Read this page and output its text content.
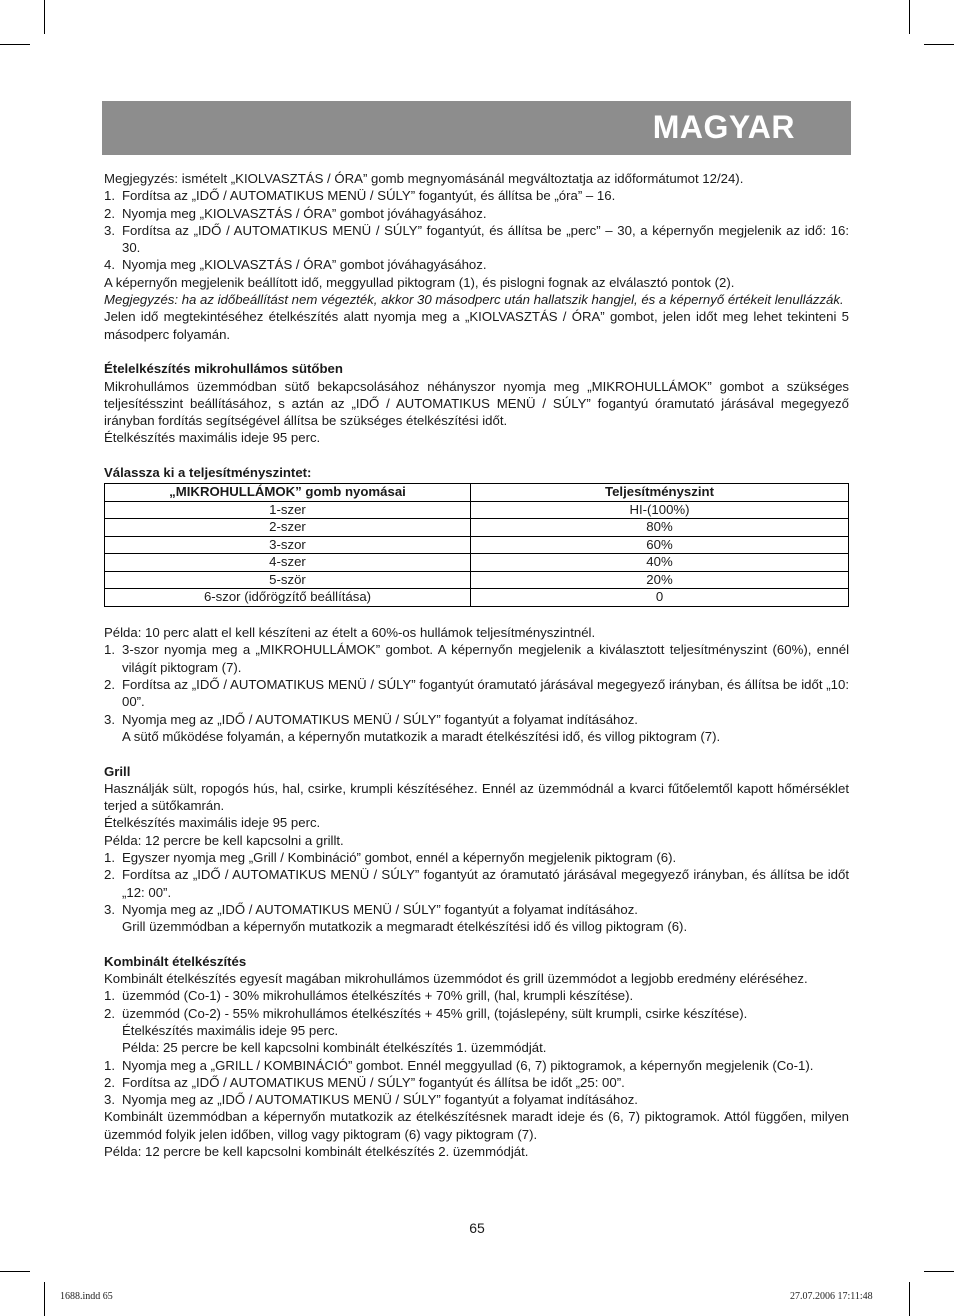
MAGYAR

Megjegyzés: ismételt „KIOLVASZTÁS / ÓRA” gomb megnyomásánál megváltoztatja az időformátumot 12/24).

1. Fordítsa az „IDŐ / AUTOMATIKUS MENÜ / SÚLY” fogantyút, és állítsa be „óra” – 16.
2. Nyomja meg „KIOLVASZTÁS / ÓRA” gombot jóváhagyásához.
3. Fordítsa az „IDŐ / AUTOMATIKUS MENÜ / SÚLY” fogantyút, és állítsa be „perc” – 30, a képernyőn megjelenik az idő: 16: 30.
4. Nyomja meg „KIOLVASZTÁS / ÓRA” gombot jóváhagyásához.

A képernyőn megjelenik beállított idő, meggyullad piktogram (1), és pislogni fognak az elválasztó pontok (2).

Megjegyzés: ha az időbeállítást nem végezték, akkor 30 másodperc után hallatszik hangjel, és a képernyő értékeit lenullázzák.

Jelen idő megtekintéséhez ételkészítés alatt nyomja meg a „KIOLVASZTÁS / ÓRA” gombot, jelen időt meg lehet tekinteni 5 másodperc folyamán.

Ételelkészítés mikrohullámos sütőben

Mikrohullámos üzemmódban sütő bekapcsolásához néhányszor nyomja meg „MIKROHULLÁMOK” gombot a szükséges teljesítésszint beállításához, s aztán az „IDŐ / AUTOMATIKUS MENÜ / SÚLY” fogantyú óramutató járásával megegyező irányban fordítás segítségével állítsa be szükséges ételkészítési időt.

Ételkészítés maximális ideje 95 perc.

Válassza ki a teljesítményszintet:

„MIKROHULLÁMOK” gomb nyomásai	Teljesítményszint
1-szer	HI-(100%)
2-szer	80%
3-szor	60%
4-szer	40%
5-ször	20%
6-szor (időrögzítő beállítása)	0

Példa: 10 perc alatt el kell készíteni az ételt a 60%-os hullámok teljesítményszintnél.

1. 3-szor nyomja meg a „MIKROHULLÁMOK” gombot. A képernyőn megjelenik a kiválasztott teljesítményszint (60%), ennél világít piktogram (7).
2. Fordítsa az „IDŐ / AUTOMATIKUS MENÜ / SÚLY” fogantyút óramutató járásával megegyező irányban, és állítsa be időt „10: 00”.
3. Nyomja meg az „IDŐ / AUTOMATIKUS MENÜ / SÚLY” fogantyút a folyamat indításához.
A sütő működése folyamán, a képernyőn mutatkozik a maradt ételkészítési idő, és villog piktogram (7).

Grill

Használják sült, ropogós hús, hal, csirke, krumpli készítéséhez. Ennél az üzemmódnál a kvarci fűtőelemtől kapott hőmérséklet terjed a sütőkamrán.

Ételkészítés maximális ideje 95 perc.

Példa: 12 percre be kell kapcsolni a grillt.

1. Egyszer nyomja meg „Grill / Kombináció” gombot, ennél a képernyőn megjelenik piktogram (6).
2. Fordítsa az „IDŐ / AUTOMATIKUS MENÜ / SÚLY” fogantyút az óramutató járásával megegyező irányban, és állítsa be időt „12: 00”.
3. Nyomja meg az „IDŐ / AUTOMATIKUS MENÜ / SÚLY” fogantyút a folyamat indításához.
Grill üzemmódban a képernyőn mutatkozik a megmaradt ételkészítési idő és villog piktogram (6).

Kombinált ételkészítés

Kombinált ételkészítés egyesít magában mikrohullámos üzemmódot és grill üzemmódot a legjobb eredmény eléréséhez.

1. üzemmód (Co-1) - 30% mikrohullámos ételkészítés + 70% grill, (hal, krumpli készítése).
2. üzemmód (Co-2) - 55% mikrohullámos ételkészítés + 45% grill, (tojáslepény, sült krumpli, csirke készítése).
Ételkészítés maximális ideje 95 perc.
Példa: 25 percre be kell kapcsolni kombinált ételkészítés 1. üzemmódját.
1. Nyomja meg a „GRILL / KOMBINÁCIÓ” gombot. Ennél meggyullad (6, 7) piktogramok, a képernyőn megjelenik (Co-1).
2. Fordítsa az „IDŐ / AUTOMATIKUS MENÜ / SÚLY” fogantyút és állítsa be időt „25: 00”.
3. Nyomja meg az „IDŐ / AUTOMATIKUS MENÜ / SÚLY” fogantyút a folyamat indításához.

Kombinált üzemmódban a képernyőn mutatkozik az ételkészítésnek maradt ideje és (6, 7) piktogramok. Attól függően, milyen üzemmód folyik jelen időben, villog vagy piktogram (6) vagy piktogram (7).

Példa: 12 percre be kell kapcsolni kombinált ételkészítés 2. üzemmódját.

65
1688.indd 65	27.07.2006 17:11:48
